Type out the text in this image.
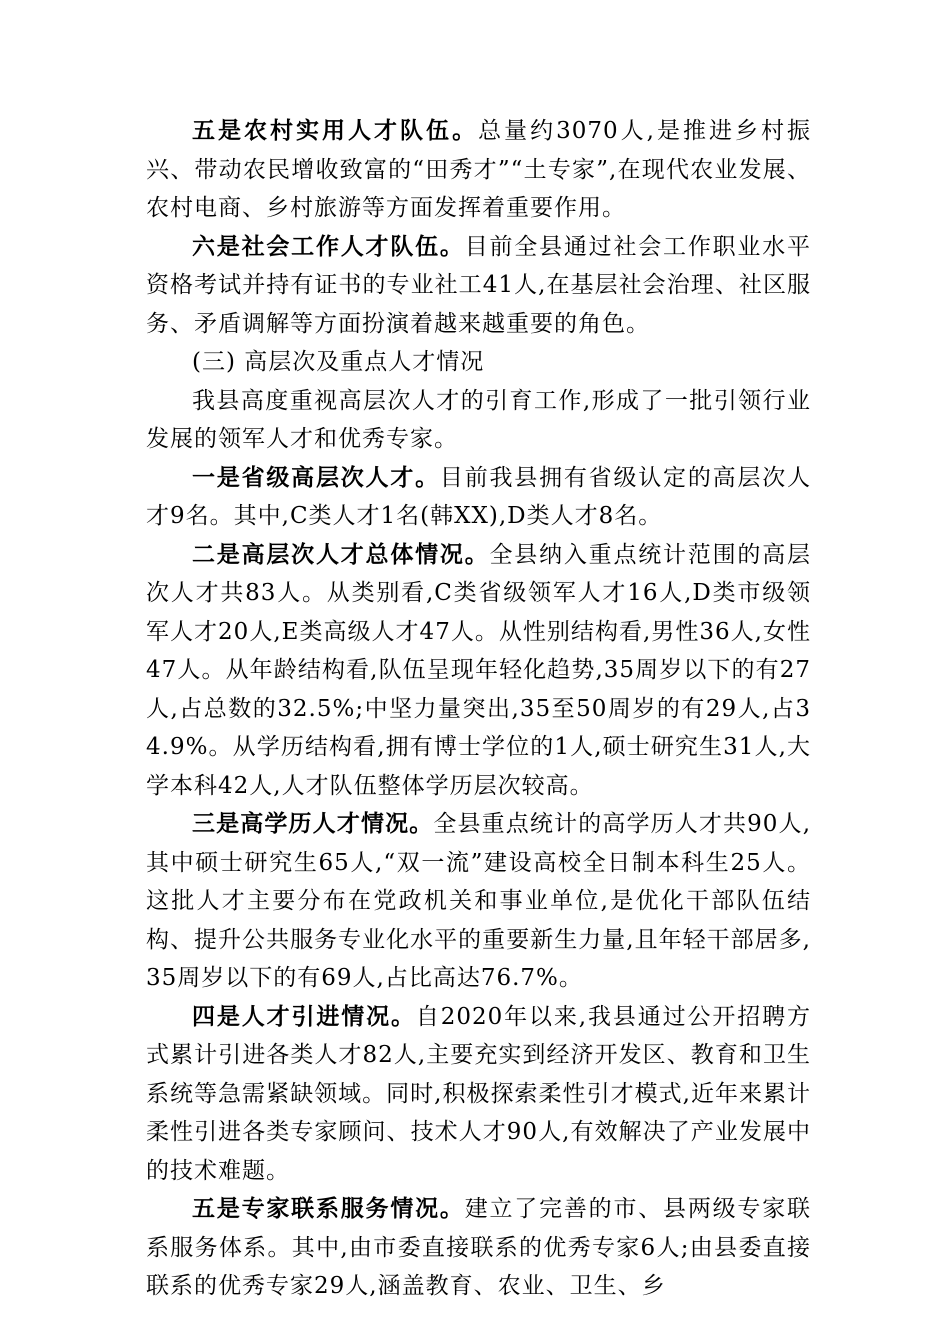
五是农村实用人才队伍。总量约3070人,是推进乡村振兴、带动农民增收致富的“田秀才”“土专家”,在现代农业发展、农村电商、乡村旅游等方面发挥着重要作用。

六是社会工作人才队伍。目前全县通过社会工作职业水平资格考试并持有证书的专业社工41人,在基层社会治理、社区服务、矛盾调解等方面扮演着越来越重要的角色。

(三) 高层次及重点人才情况

我县高度重视高层次人才的引育工作,形成了一批引领行业发展的领军人才和优秀专家。

一是省级高层次人才。目前我县拥有省级认定的高层次人才9名。其中,C类人才1名(韩XX),D类人才8名。

二是高层次人才总体情况。全县纳入重点统计范围的高层次人才共83人。从类别看,C类省级领军人才16人,D类市级领军人才20人,E类高级人才47人。从性别结构看,男性36人,女性47人。从年龄结构看,队伍呈现年轻化趋势,35周岁以下的有27人,占总数的32.5%;中坚力量突出,35至50周岁的有29人,占34.9%。从学历结构看,拥有博士学位的1人,硕士研究生31人,大学本科42人,人才队伍整体学历层次较高。

三是高学历人才情况。全县重点统计的高学历人才共90人,其中硕士研究生65人,“双一流”建设高校全日制本科生25人。这批人才主要分布在党政机关和事业单位,是优化干部队伍结构、提升公共服务专业化水平的重要新生力量,且年轻干部居多,35周岁以下的有69人,占比高达76.7%。

四是人才引进情况。自2020年以来,我县通过公开招聘方式累计引进各类人才82人,主要充实到经济开发区、教育和卫生系统等急需紧缺领域。同时,积极探索柔性引才模式,近年来累计柔性引进各类专家顾问、技术人才90人,有效解决了产业发展中的技术难题。

五是专家联系服务情况。建立了完善的市、县两级专家联系服务体系。其中,由市委直接联系的优秀专家6人;由县委直接联系的优秀专家29人,涵盖教育、农业、卫生、乡
